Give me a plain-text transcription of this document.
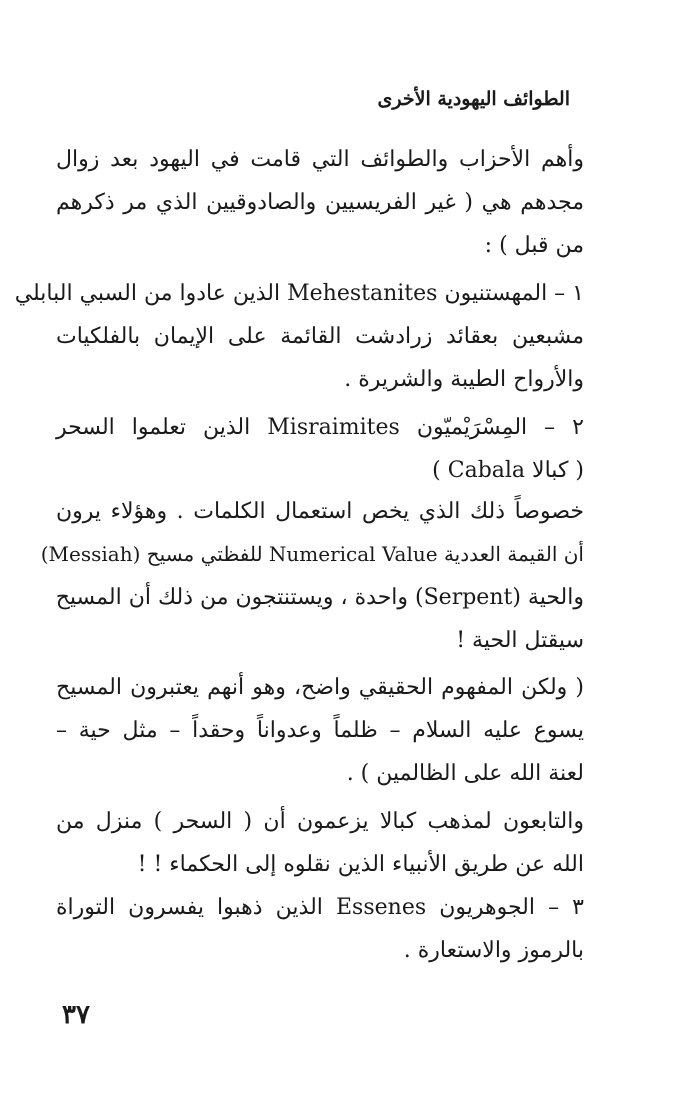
الطوائف اليهودية الأخرى
وأهم الأحزاب والطوائف التي قامت في اليهود بعد زوال
مجدهم هي ( غير الفريسيين والصادوقيين الذي مر ذكرهم
من قبل ) :
١ – المهستنيون Mehestanites الذين عادوا من السبي البابلي
مشبعين بعقائد زرادشت القائمة على الإيمان بالفلكيات
والأرواح الطيبة والشريرة .
٢ – المِسْرَيْميّون Misraimites الذين تعلموا السحر
( كبالا Cabala )
خصوصاً ذلك الذي يخص استعمال الكلمات . وهؤلاء يرون
أن القيمة العددية Numerical Value للفظتي مسيح (Messiah)
والحية (Serpent) واحدة ، ويستنتجون من ذلك أن المسيح
سيقتل الحية !
( ولكن المفهوم الحقيقي واضح، وهو أنهم يعتبرون المسيح
يسوع عليه السلام – ظلماً وعدواناً وحقداً – مثل حية –
لعنة الله على الظالمين ) .
والتابعون لمذهب كبالا يزعمون أن ( السحر ) منزل من
الله عن طريق الأنبياء الذين نقلوه إلى الحكماء ! !
٣ – الجوهريون Essenes الذين ذهبوا يفسرون التوراة
بالرموز والاستعارة .
٣٧
